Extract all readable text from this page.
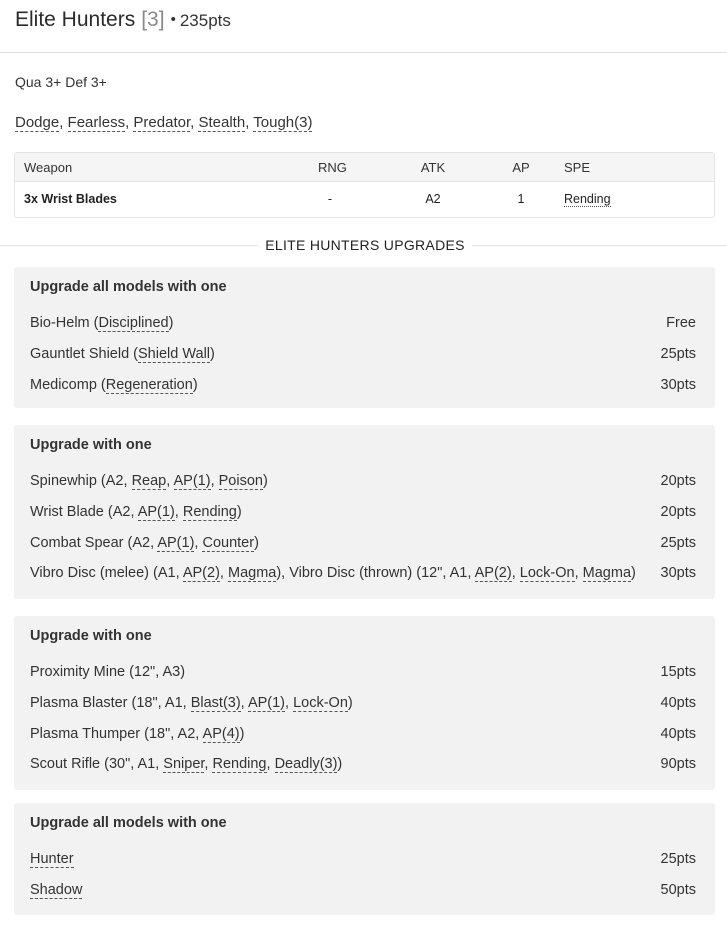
Elite Hunters [3] • 235pts
Qua 3+ Def 3+
Dodge, Fearless, Predator, Stealth, Tough(3)
Weapon	RNG	ATK	AP	SPE
3x Wrist Blades	-	A2	1	Rending
ELITE HUNTERS UPGRADES
Upgrade all models with one
Bio-Helm (Disciplined)	Free
Gauntlet Shield (Shield Wall)	25pts
Medicomp (Regeneration)	30pts
Upgrade with one
Spinewhip (A2, Reap, AP(1), Poison)	20pts
Wrist Blade (A2, AP(1), Rending)	20pts
Combat Spear (A2, AP(1), Counter)	25pts
Vibro Disc (melee) (A1, AP(2), Magma), Vibro Disc (thrown) (12", A1, AP(2), Lock-On, Magma) 30pts
Upgrade with one
Proximity Mine (12", A3)	15pts
Plasma Blaster (18", A1, Blast(3), AP(1), Lock-On)	40pts
Plasma Thumper (18", A2, AP(4))	40pts
Scout Rifle (30", A1, Sniper, Rending, Deadly(3))	90pts
Upgrade all models with one
Hunter	25pts
Shadow	50pts
